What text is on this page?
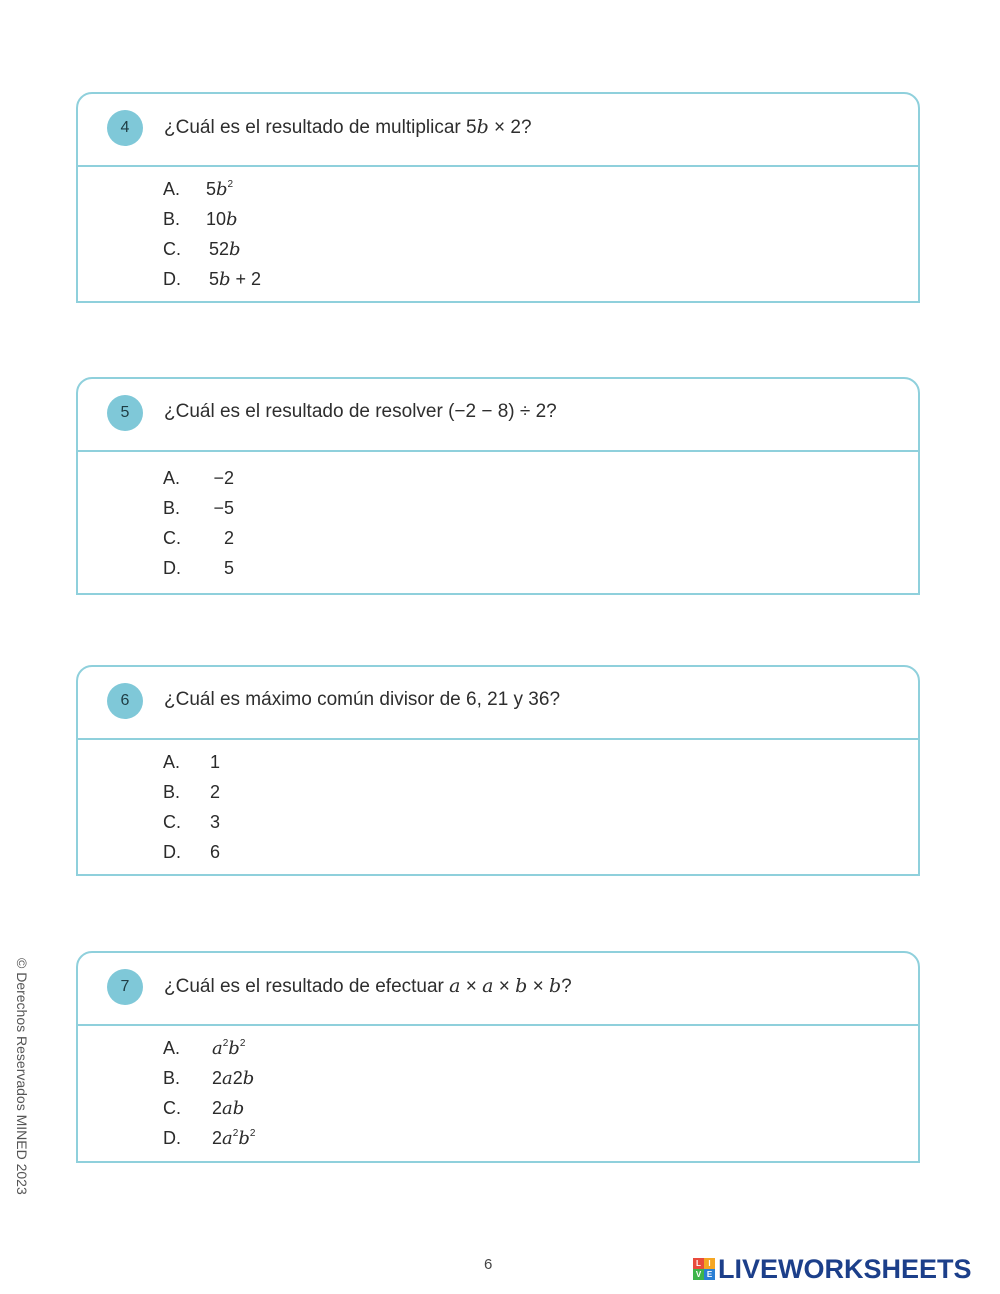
4	¿Cuál es el resultado de multiplicar 5b × 2?
A. $5b^2$
B. 10b
C. 52b
D. 5b + 2
5	¿Cuál es el resultado de resolver (−2 − 8) ÷ 2?
A.	−2
B.	−5
C.	2
D.	5
6	¿Cuál es máximo común divisor de 6, 21 y 36?
A. 1
B. 2
C. 3
D. 6
7	¿Cuál es el resultado de efectuar a × a × b × b?
A. $a^2b^2$
B. 2a2b
C. 2ab
D. $2a^2b^2$
© Derechos Reservados MINED 2023
6	L I
V E LIVEWORKSHEETS
